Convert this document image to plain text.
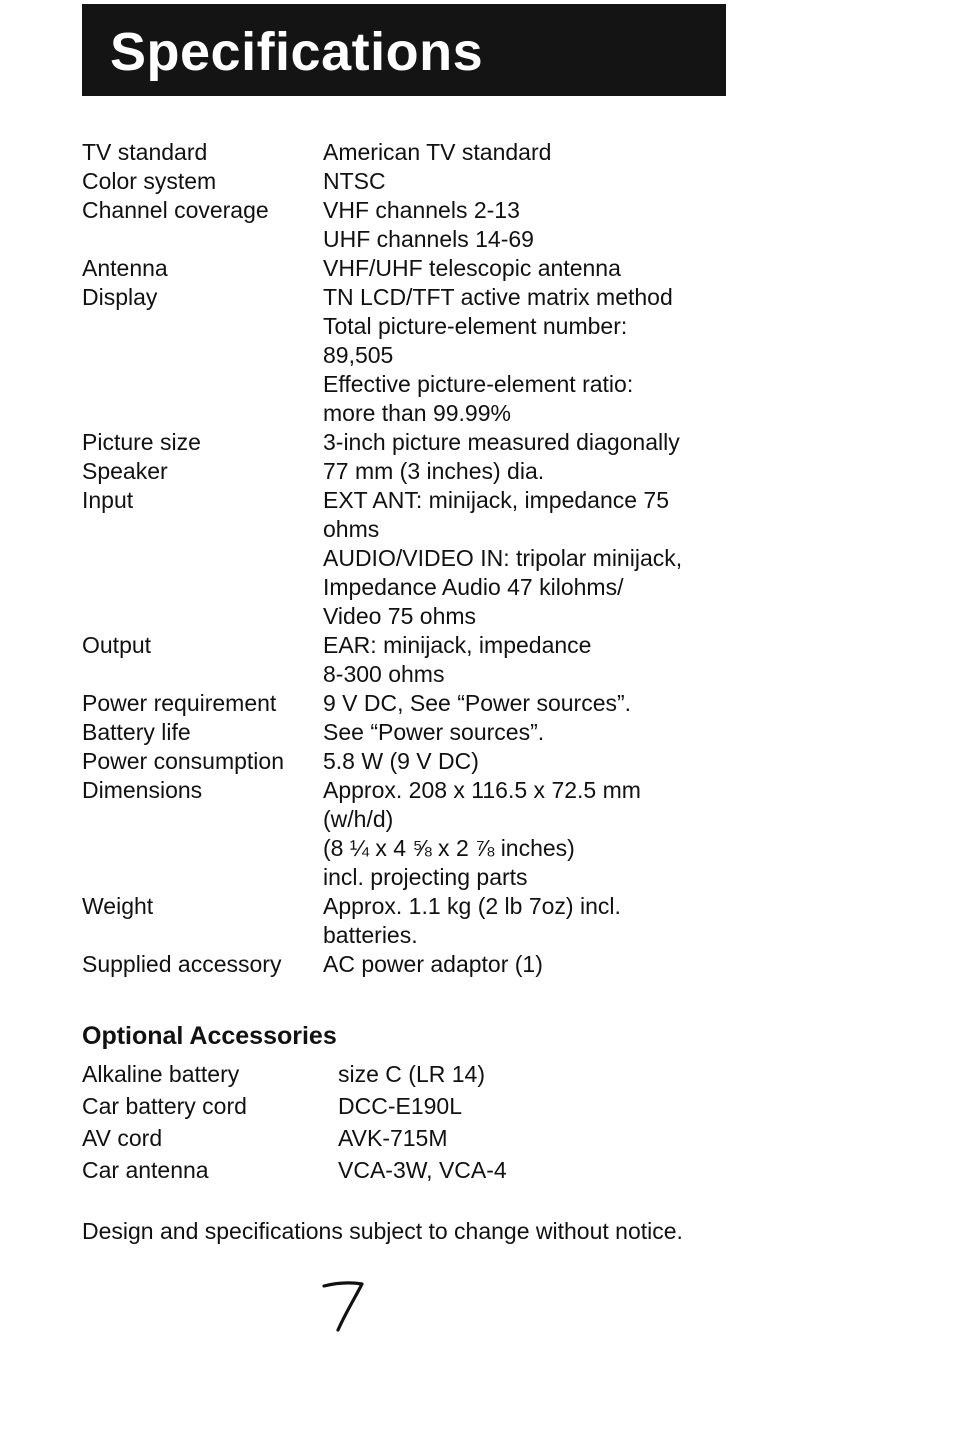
Specifications
TV standard	American TV standard
Color system	NTSC
Channel coverage	VHF channels 2-13
UHF channels 14-69
Antenna	VHF/UHF telescopic antenna
Display	TN LCD/TFT active matrix method
Total picture-element number:
89,505
Effective picture-element ratio:
more than 99.99%
Picture size	3-inch picture measured diagonally
Speaker	77 mm (3 inches) dia.
Input	EXT ANT: minijack, impedance 75
ohms
AUDIO/VIDEO IN: tripolar minijack,
Impedance Audio 47 kilohms/
Video 75 ohms
Output	EAR: minijack, impedance
8-300 ohms
Power requirement	9 V DC, See “Power sources”.
Battery life	See “Power sources”.
Power consumption	5.8 W (9 V DC)
Dimensions	Approx. 208 x 116.5 x 72.5 mm
(w/h/d)
(8 ¼ x 4 ⅝ x 2 ⅞ inches)
incl. projecting parts
Weight	Approx. 1.1 kg (2 lb 7oz) incl.
batteries.
Supplied accessory	AC power adaptor (1)
Optional Accessories
Alkaline battery	size C (LR 14)
Car battery cord	DCC-E190L
AV cord	AVK-715M
Car antenna	VCA-3W, VCA-4

Design and specifications subject to change without notice.
